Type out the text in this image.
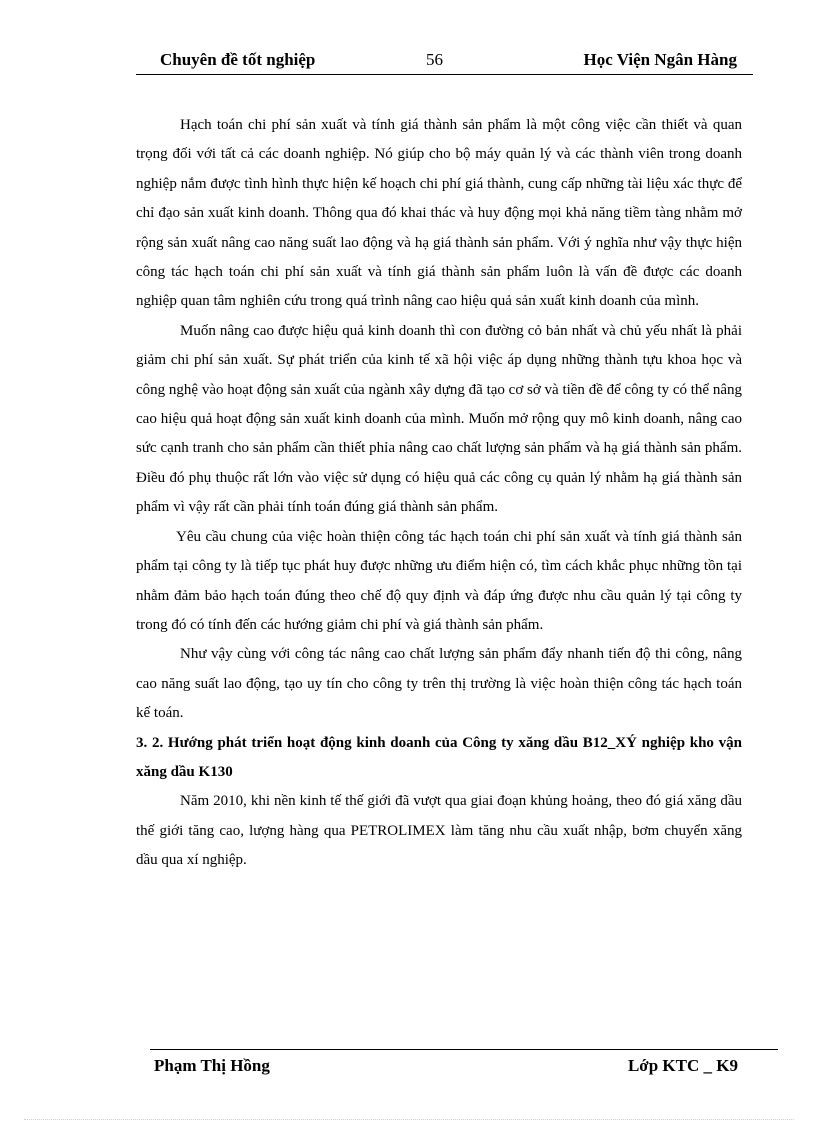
Chuyên đề tốt nghiệp	56	Học Viện Ngân Hàng

Hạch toán chi phí sản xuất và tính giá thành sản phẩm là một công việc cần thiết và quan trọng đối với tất cả các doanh nghiệp. Nó giúp cho bộ máy quản lý và các thành viên trong doanh nghiệp nắm được tình hình thực hiện kế hoạch chi phí giá thành, cung cấp những tài liệu xác thực để chỉ đạo sản xuất kinh doanh. Thông qua đó khai thác và huy động mọi khả năng tiềm tàng nhằm mở rộng sản xuất nâng cao năng suất lao động và hạ giá thành sản phẩm. Với ý nghĩa như vậy thực hiện công tác hạch toán chi phí sản xuất và tính giá thành sản phẩm luôn là vấn đề được các doanh nghiệp quan tâm nghiên cứu trong quá trình nâng cao hiệu quả sản xuất kinh doanh của mình.

Muốn nâng cao được hiệu quả kinh doanh thì con đường cỏ bản nhất và chủ yếu nhất là phải giảm chi phí sản xuất. Sự phát triển của kinh tế xã hội việc áp dụng những thành tựu khoa học và công nghệ vào hoạt động sản xuất của ngành xây dựng đã tạo cơ sở và tiền đề để công ty có thể nâng cao hiệu quả hoạt động sản xuất kinh doanh của mình. Muốn mở rộng quy mô kinh doanh, nâng cao sức cạnh tranh cho sản phẩm cần thiết phỉa nâng cao chất lượng sản phẩm và hạ giá thành sản phẩm. Điều đó phụ thuộc rất lớn vào việc sử dụng có hiệu quả các công cụ quản lý nhằm hạ giá thành sản phẩm vì vậy rất cần phải tính toán đúng giá thành sản phẩm.

Yêu cầu chung của việc hoàn thiện công tác hạch toán chi phí sản xuất và tính giá thành sản phẩm tại công ty là tiếp tục phát huy được những ưu điểm hiện có, tìm cách khắc phục những tồn tại nhằm đảm bảo hạch toán đúng theo chế độ quy định và đáp ứng được nhu cầu quản lý tại công ty trong đó có tính đến các hướng giảm chi phí và giá thành sản phẩm.

Như vậy cùng với công tác nâng cao chất lượng sản phẩm đẩy nhanh tiến độ thi công, nâng cao năng suất lao động, tạo uy tín cho công ty trên thị trường là việc hoàn thiện công tác hạch toán kế toán.

3. 2. Hướng phát triển hoạt động kinh doanh của Công ty xăng dầu B12_XÝ nghiệp kho vận xăng dầu K130

Năm 2010, khi nền kinh tế thế giới đã vượt qua giai đoạn khủng hoảng, theo đó giá xăng dầu thế giới tăng cao, lượng hàng qua PETROLIMEX làm tăng nhu cầu xuất nhập, bơm chuyển xăng dầu qua xí nghiệp.

Phạm Thị Hồng	Lớp KTC _ K9
